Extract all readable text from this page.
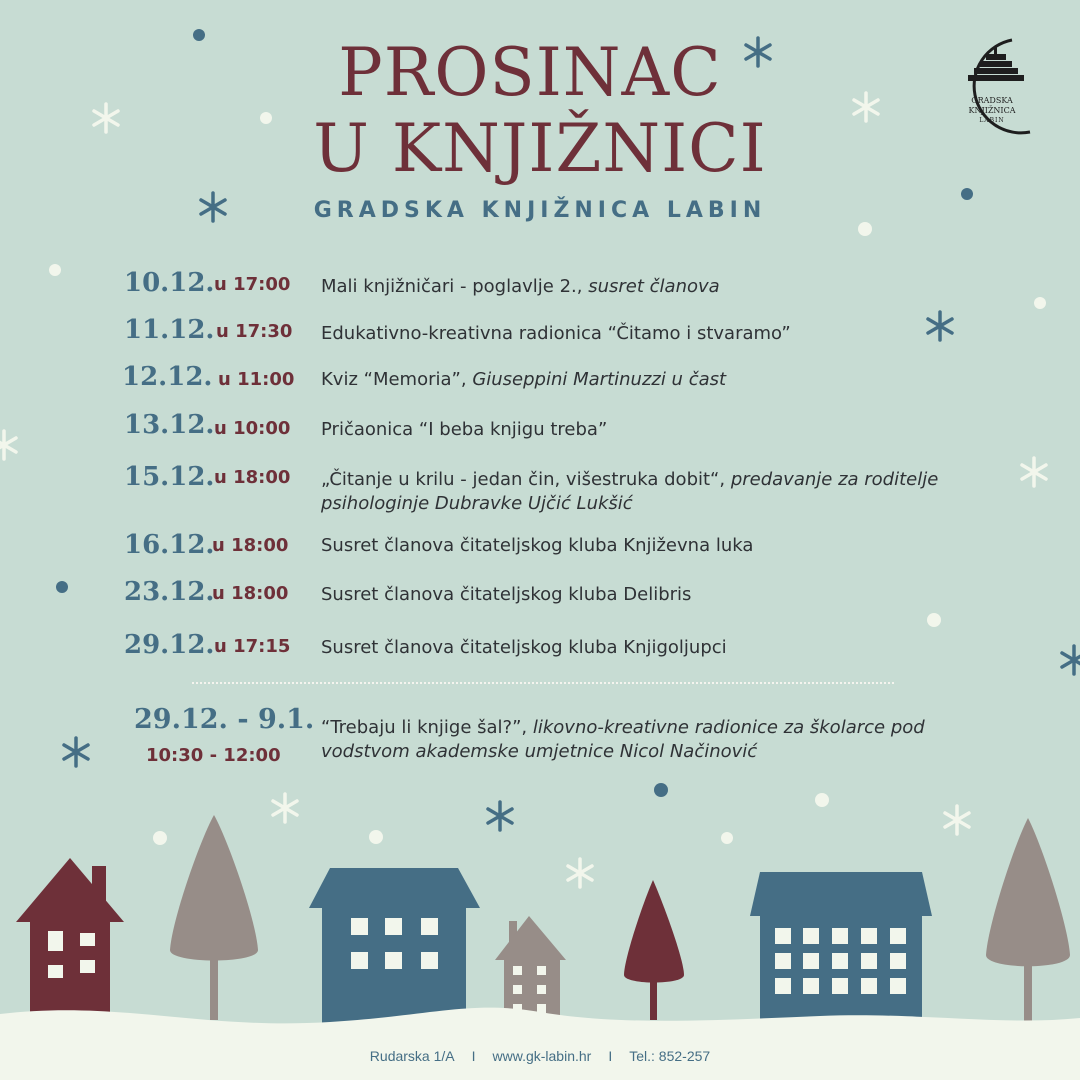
GRADSKA
KNJIŽNICA
LABIN
PROSINAC
U KNJIŽNICI
GRADSKA KNJIŽNICA LABIN
10.12. u 17:00 Mali knjižničari - poglavlje 2., susret članova
11.12. u 17:30 Edukativno-kreativna radionica “Čitamo i stvaramo”
12.12. u 11:00 Kviz “Memoria”, Giuseppini Martinuzzi u čast
13.12. u 10:00 Pričaonica “I beba knjigu treba”
15.12. u 18:00 „Čitanje u krilu - jedan čin, višestruka dobit“, predavanje za roditelje psihologinje Dubravke Ujčić Lukšić
16.12.
u 18:00 Susret članova čitateljskog kluba Književna luka
23.12.
u 18:00 Susret članova čitateljskog kluba Delibris
29.12. u 17:15 Susret članova čitateljskog kluba Knjigoljupci
29.12. - 9.1.
10:30 - 12:00
“Trebaju li knjige šal?”, likovno-kreativne radionice za školarce pod vodstvom akademske umjetnice Nicol Načinović
Rudarska 1/A I www.gk-labin.hr I Tel.: 852-257
